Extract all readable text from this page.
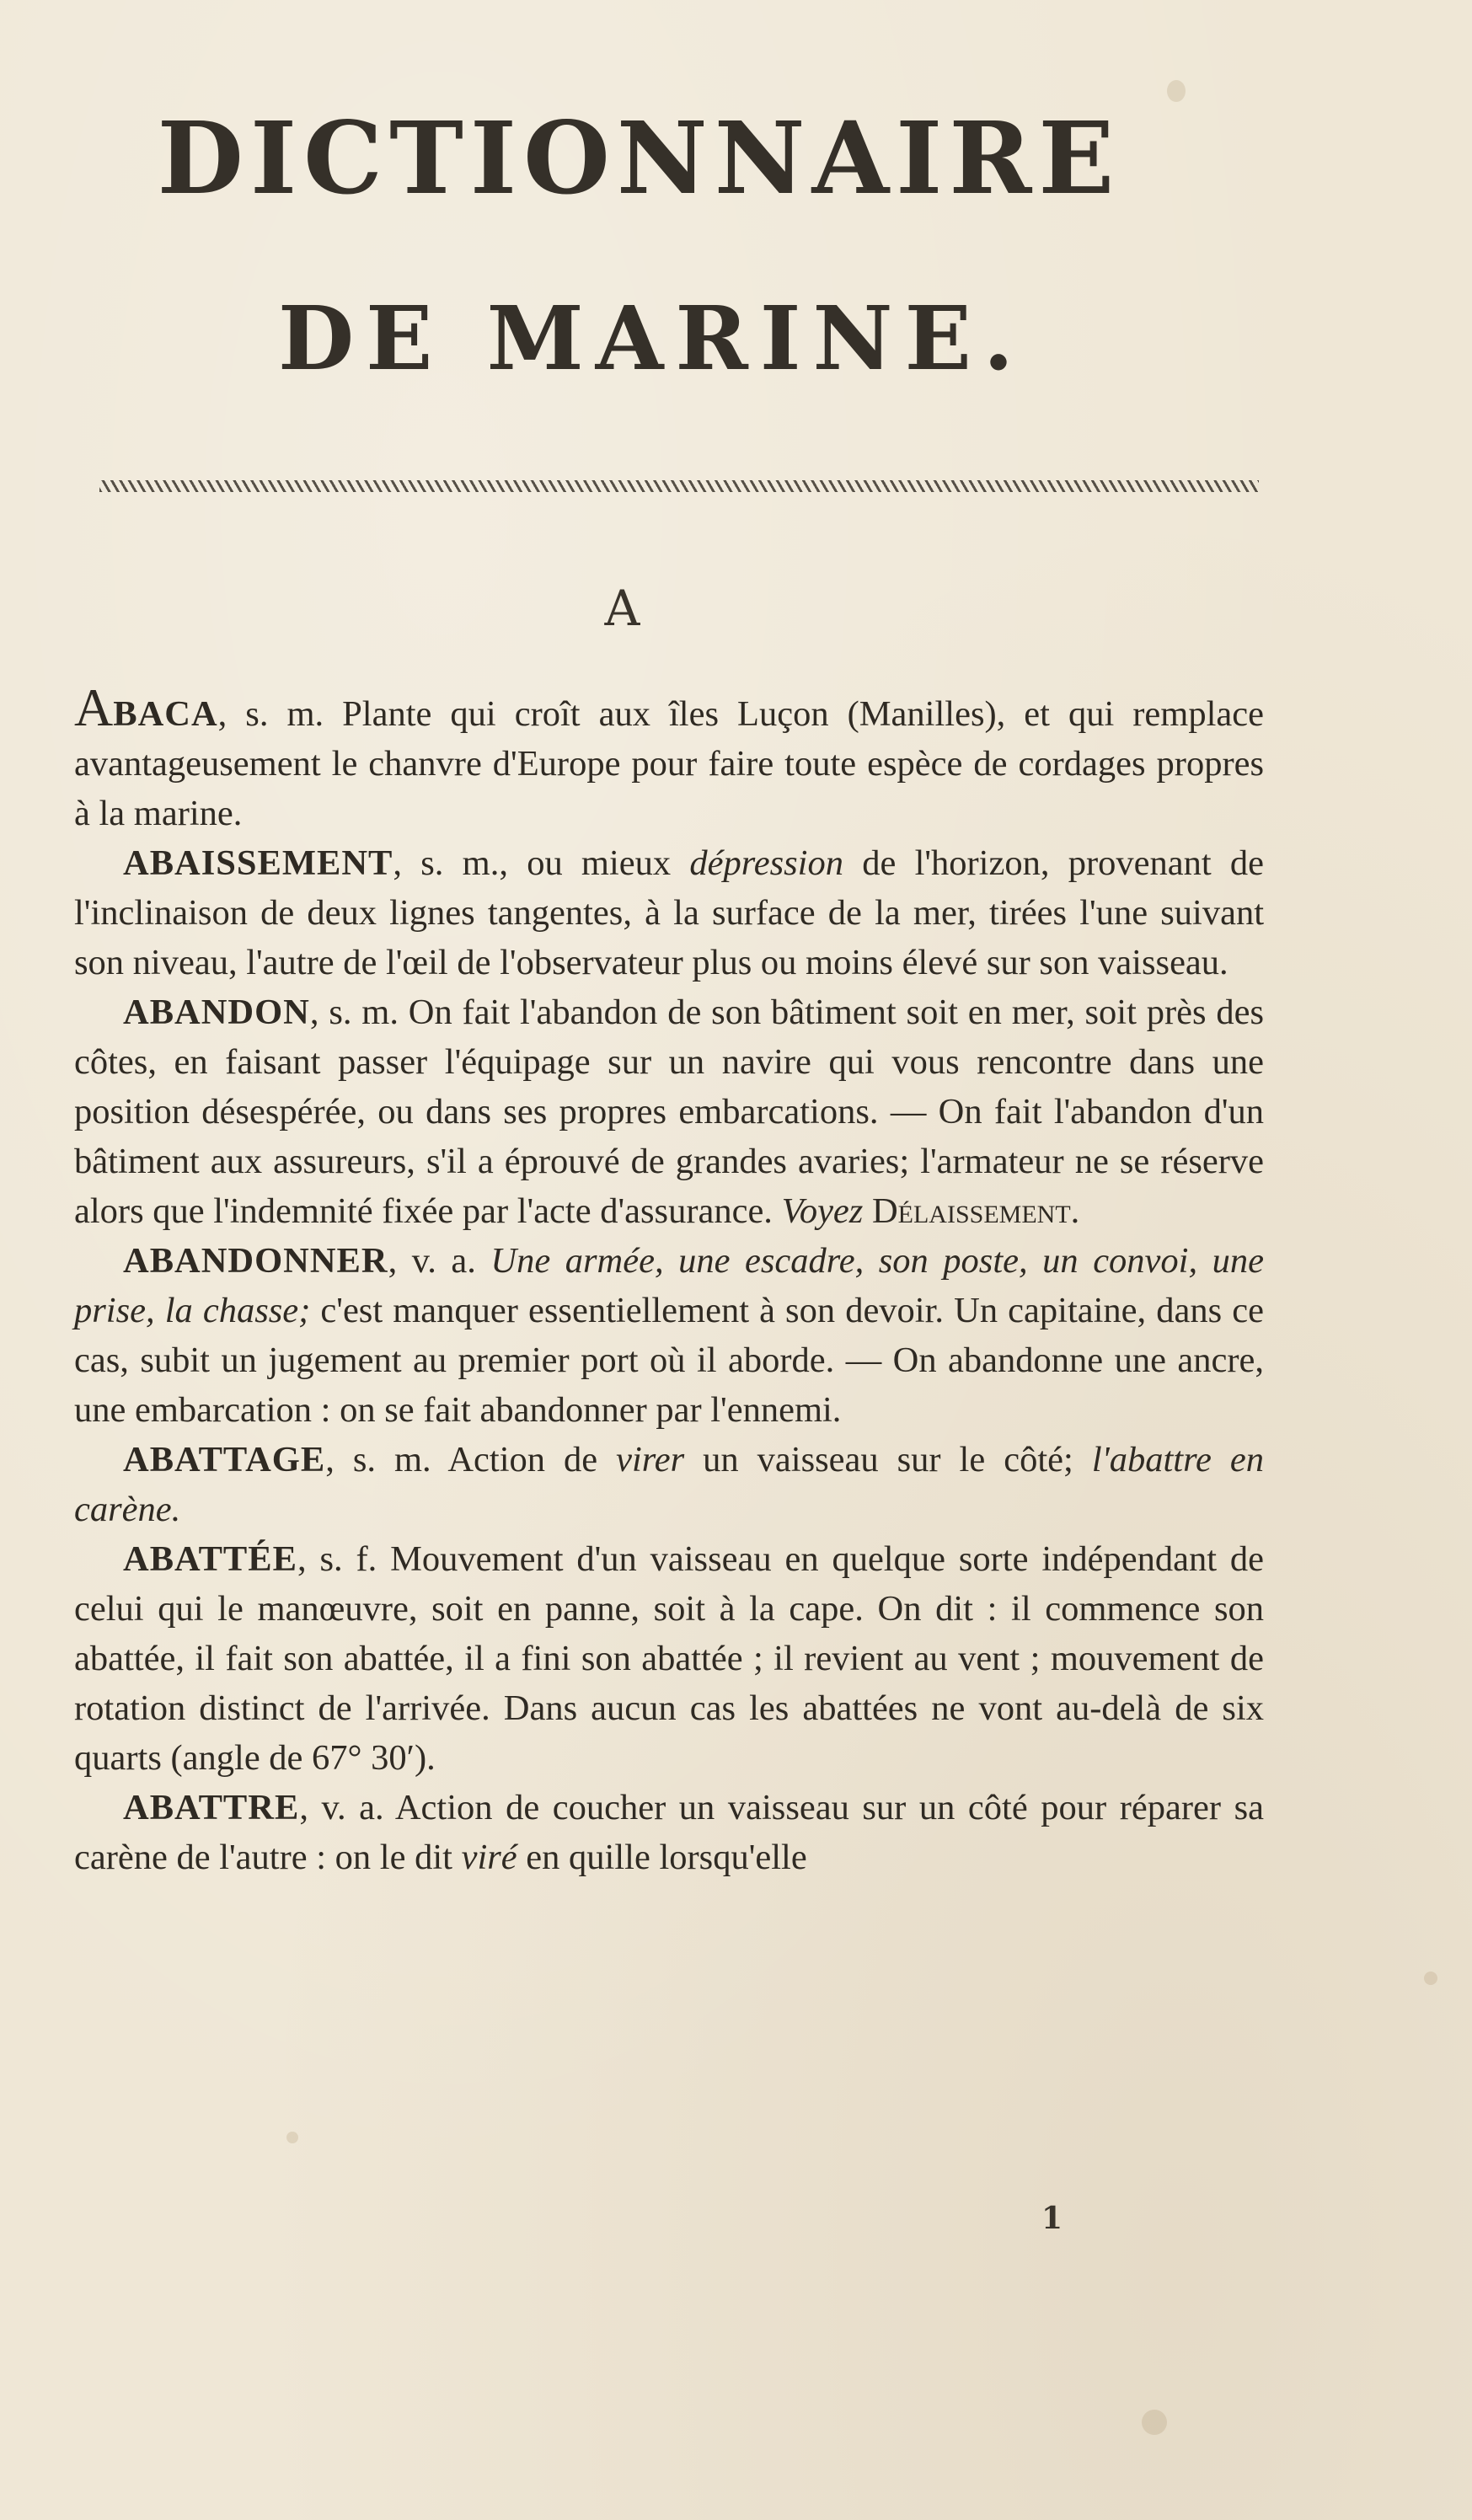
DICTIONNAIRE
DE MARINE.
A

ABACA, s. m. Plante qui croît aux îles Luçon (Manilles), et qui remplace avantageusement le chanvre d'Europe pour faire toute espèce de cordages propres à la marine.

ABAISSEMENT, s. m., ou mieux dépression de l'horizon, provenant de l'inclinaison de deux lignes tangentes, à la surface de la mer, tirées l'une suivant son niveau, l'autre de l'œil de l'observateur plus ou moins élevé sur son vaisseau.

ABANDON, s. m. On fait l'abandon de son bâtiment soit en mer, soit près des côtes, en faisant passer l'équipage sur un navire qui vous rencontre dans une position désespérée, ou dans ses propres embarcations. — On fait l'abandon d'un bâtiment aux assureurs, s'il a éprouvé de grandes avaries; l'armateur ne se réserve alors que l'indemnité fixée par l'acte d'assurance. Voyez Délaissement.

ABANDONNER, v. a. Une armée, une escadre, son poste, un convoi, une prise, la chasse; c'est manquer essentiellement à son devoir. Un capitaine, dans ce cas, subit un jugement au premier port où il aborde. — On abandonne une ancre, une embarcation : on se fait abandonner par l'ennemi.

ABATTAGE, s. m. Action de virer un vaisseau sur le côté; l'abattre en carène.

ABATTÉE, s. f. Mouvement d'un vaisseau en quelque sorte indépendant de celui qui le manœuvre, soit en panne, soit à la cape. On dit : il commence son abattée, il fait son abattée, il a fini son abattée ; il revient au vent ; mouvement de rotation distinct de l'arrivée. Dans aucun cas les abattées ne vont au-delà de six quarts (angle de 67° 30′).

ABATTRE, v. a. Action de coucher un vaisseau sur un côté pour réparer sa carène de l'autre : on le dit viré en quille lorsqu'elle

1
